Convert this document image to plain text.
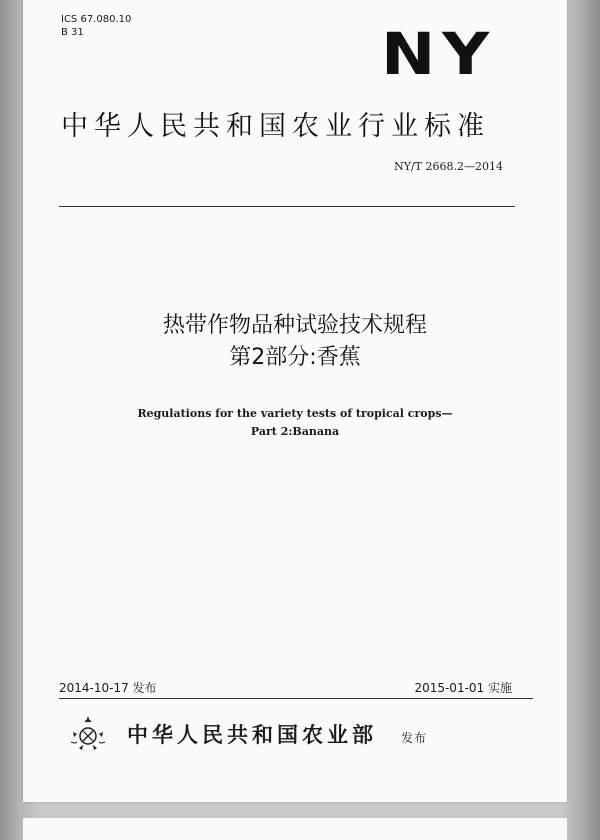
ICS 67.080.10
B 31	NY
中华人民共和国农业行业标准
NY/T 2668.2—2014
热带作物品种试验技术规程
第2部分:香蕉
Regulations for the variety tests of tropical crops—
Part 2:Banana
2014-10-17 发布	2015-01-01 实施
中华人民共和国农业部 发布
